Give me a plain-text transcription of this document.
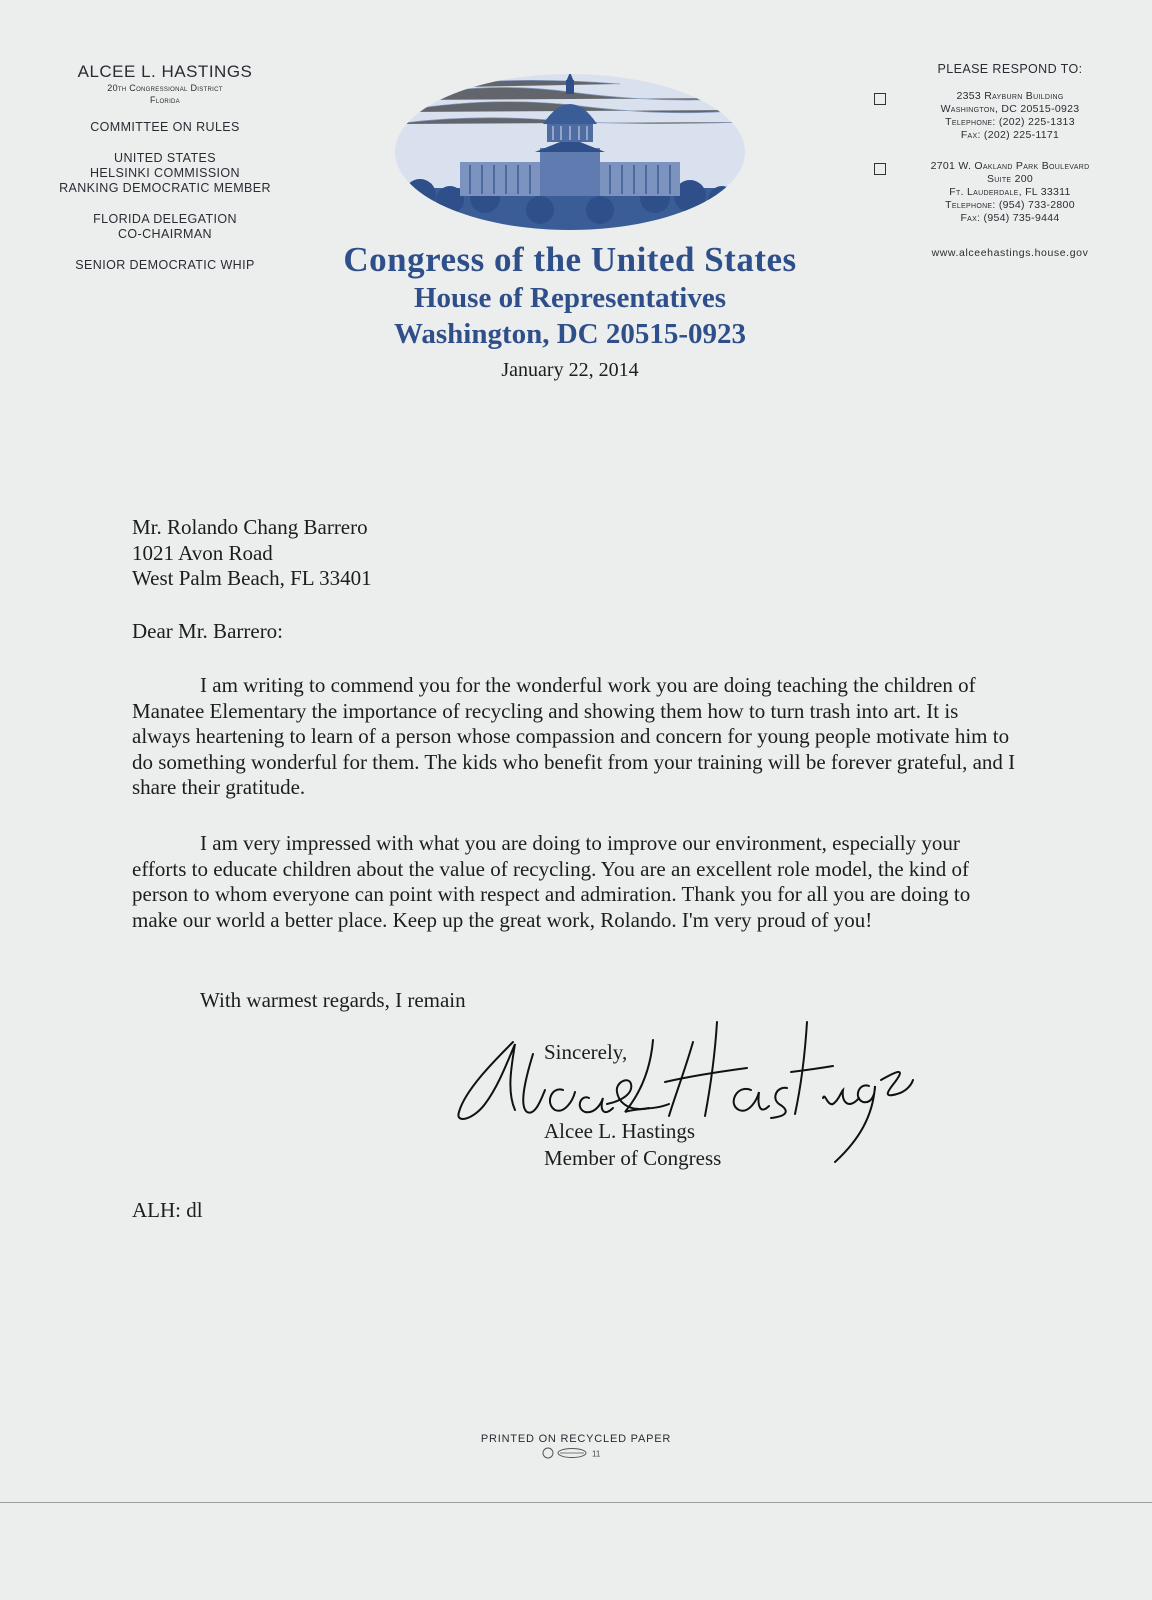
ALCEE L. HASTINGS
20th Congressional District
Florida
COMMITTEE ON RULES
UNITED STATES
HELSINKI COMMISSION
RANKING DEMOCRATIC MEMBER
FLORIDA DELEGATION
CO-CHAIRMAN
SENIOR DEMOCRATIC WHIP	Congress of the United States
House of Representatives
Washington, DC 20515-0923
January 22, 2014
PLEASE RESPOND TO:
2353 Rayburn Building
Washington, DC 20515-0923
Telephone: (202) 225-1313
Fax: (202) 225-1171
2701 W. Oakland Park Boulevard
Suite 200
Ft. Lauderdale, FL 33311
Telephone: (954) 733-2800
Fax: (954) 735-9444
www.alceehastings.house.gov
Mr. Rolando Chang Barrero
1021 Avon Road
West Palm Beach, FL 33401
Dear Mr. Barrero:
I am writing to commend you for the wonderful work you are doing teaching the children of Manatee Elementary the importance of recycling and showing them how to turn trash into art. It is always heartening to learn of a person whose compassion and concern for young people motivate him to do something wonderful for them. The kids who benefit from your training will be forever grateful, and I share their gratitude.
I am very impressed with what you are doing to improve our environment, especially your efforts to educate children about the value of recycling. You are an excellent role model, the kind of person to whom everyone can point with respect and admiration. Thank you for all you are doing to make our world a better place. Keep up the great work, Rolando. I'm very proud of you!
With warmest regards, I remain
Sincerely,
Alcee L. Hastings
Member of Congress
ALH: dl
PRINTED ON RECYCLED PAPER
11
